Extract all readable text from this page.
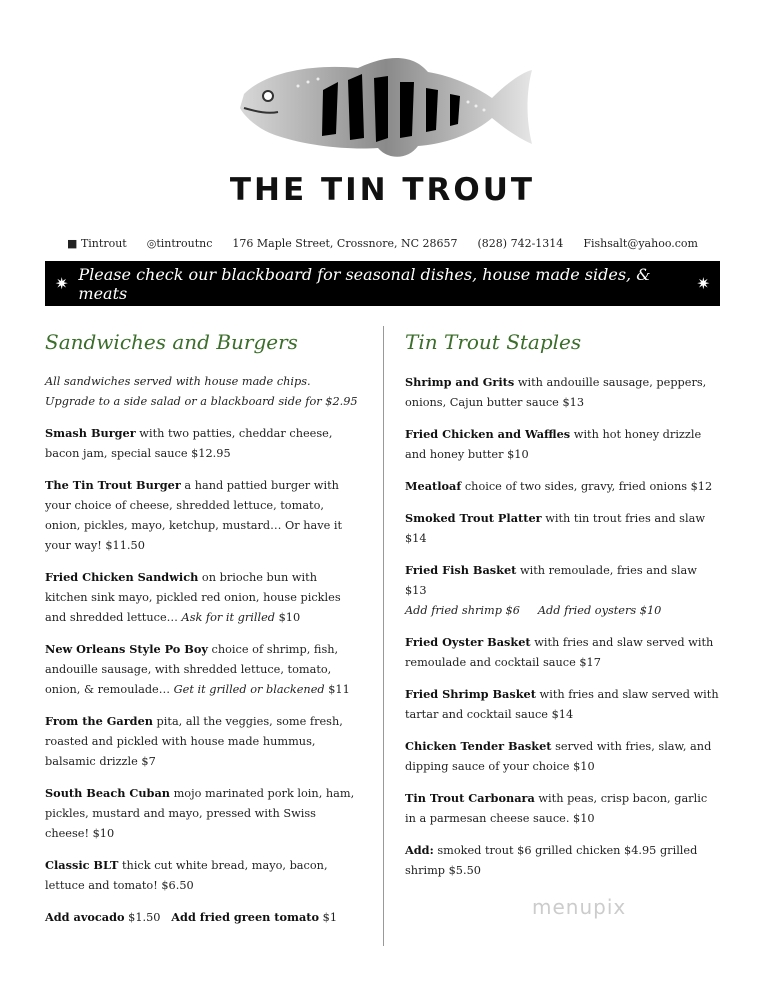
THE TIN TROUT
■ Tintrout ◎tintroutnc 176 Maple Street, Crossnore, NC 28657 (828) 742-1314 Fishsalt@yahoo.com
✷ Please check our blackboard for seasonal dishes, house made sides, & meats	✷
Sandwiches and Burgers
All sandwiches served with house made chips. Upgrade to a side salad or a blackboard side for $2.95
Smash Burger with two patties, cheddar cheese, bacon jam, special sauce $12.95
The Tin Trout Burger a hand pattied burger with your choice of cheese, shredded lettuce, tomato, onion, pickles, mayo, ketchup, mustard… Or have it your way! $11.50
Fried Chicken Sandwich on brioche bun with kitchen sink mayo, pickled red onion, house pickles and shredded lettuce… Ask for it grilled $10
New Orleans Style Po Boy choice of shrimp, fish, andouille sausage, with shredded lettuce, tomato, onion, & remoulade… Get it grilled or blackened $11
From the Garden pita, all the veggies, some fresh, roasted and pickled with house made hummus, balsamic drizzle $7
South Beach Cuban mojo marinated pork loin, ham, pickles, mustard and mayo, pressed with Swiss cheese! $10
Classic BLT thick cut white bread, mayo, bacon, lettuce and tomato! $6.50
Add avocado $1.50 Add fried green tomato $1
Tin Trout Staples
Shrimp and Grits with andouille sausage, peppers, onions, Cajun butter sauce $13
Fried Chicken and Waffles with hot honey drizzle and honey butter $10
Meatloaf choice of two sides, gravy, fried onions $12
Smoked Trout Platter with tin trout fries and slaw $14
Fried Fish Basket with remoulade, fries and slaw $13
Add fried shrimp $6     Add fried oysters $10
Fried Oyster Basket with fries and slaw served with remoulade and cocktail sauce $17
Fried Shrimp Basket with fries and slaw served with tartar and cocktail sauce $14
Chicken Tender Basket served with fries, slaw, and dipping sauce of your choice $10
Tin Trout Carbonara with peas, crisp bacon, garlic in a parmesan cheese sauce. $10
Add: smoked trout $6 grilled chicken $4.95 grilled shrimp $5.50
menupix
